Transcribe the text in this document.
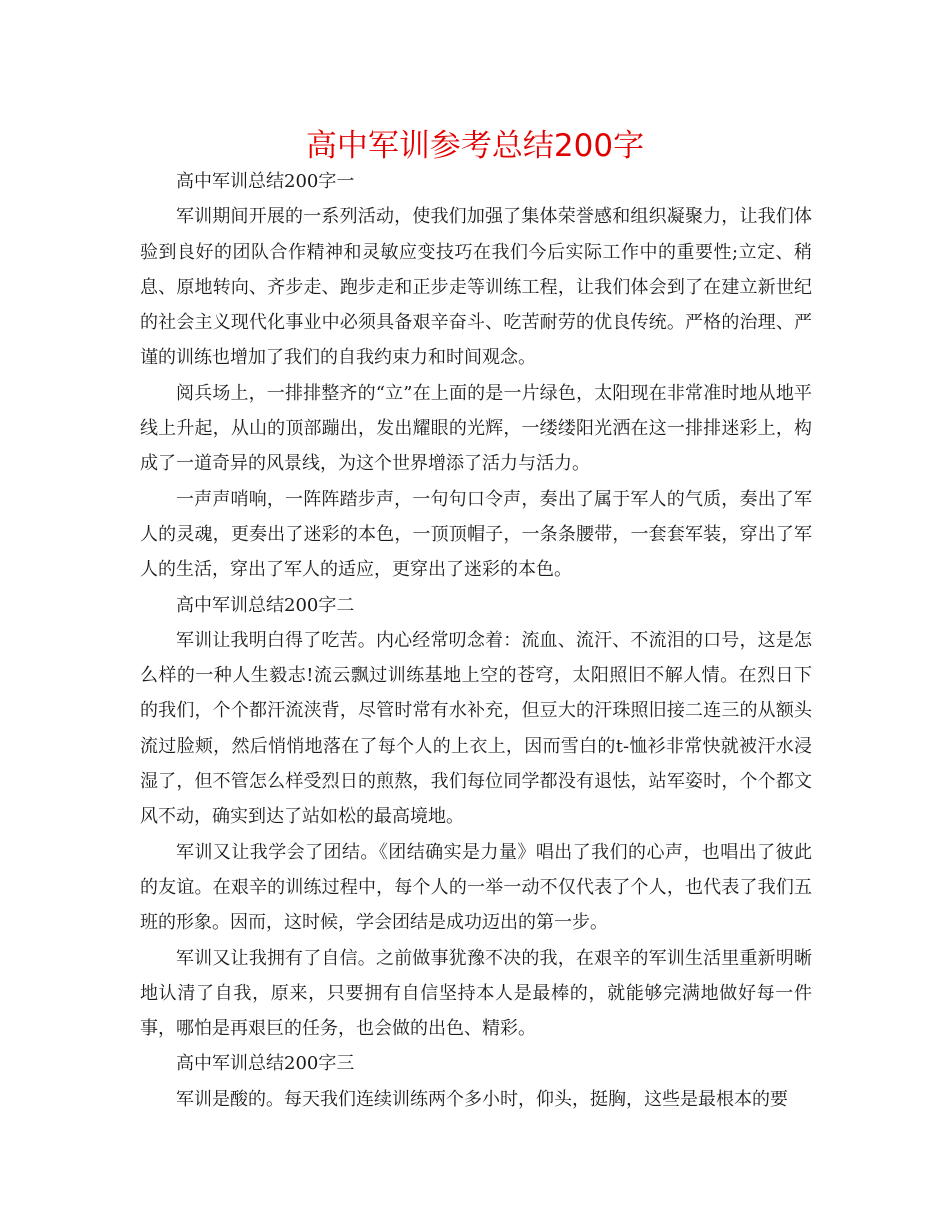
高中军训参考总结200字

高中军训总结200字一

军训期间开展的一系列活动，使我们加强了集体荣誉感和组织凝聚力，让我们体验到良好的团队合作精神和灵敏应变技巧在我们今后实际工作中的重要性;立定、稍息、原地转向、齐步走、跑步走和正步走等训练工程，让我们体会到了在建立新世纪的社会主义现代化事业中必须具备艰辛奋斗、吃苦耐劳的优良传统。严格的治理、严谨的训练也增加了我们的自我约束力和时间观念。

阅兵场上，一排排整齐的“立”在上面的是一片绿色，太阳现在非常准时地从地平线上升起，从山的顶部蹦出，发出耀眼的光辉，一缕缕阳光洒在这一排排迷彩上，构成了一道奇异的风景线，为这个世界增添了活力与活力。

一声声哨响，一阵阵踏步声，一句句口令声，奏出了属于军人的气质，奏出了军人的灵魂，更奏出了迷彩的本色，一顶顶帽子，一条条腰带，一套套军装，穿出了军人的生活，穿出了军人的适应，更穿出了迷彩的本色。

高中军训总结200字二

军训让我明白得了吃苦。内心经常叨念着：流血、流汗、不流泪的口号，这是怎么样的一种人生毅志!流云飘过训练基地上空的苍穹，太阳照旧不解人情。在烈日下的我们，个个都汗流浃背，尽管时常有水补充，但豆大的汗珠照旧接二连三的从额头流过脸颊，然后悄悄地落在了每个人的上衣上，因而雪白的t-恤衫非常快就被汗水浸湿了，但不管怎么样受烈日的煎熬，我们每位同学都没有退怯，站军姿时，个个都文风不动，确实到达了站如松的最高境地。

军训又让我学会了团结。《团结确实是力量》唱出了我们的心声，也唱出了彼此的友谊。在艰辛的训练过程中，每个人的一举一动不仅代表了个人，也代表了我们五班的形象。因而，这时候，学会团结是成功迈出的第一步。

军训又让我拥有了自信。之前做事犹豫不决的我，在艰辛的军训生活里重新明晰地认清了自我，原来，只要拥有自信坚持本人是最棒的，就能够完满地做好每一件事，哪怕是再艰巨的任务，也会做的出色、精彩。

高中军训总结200字三

军训是酸的。每天我们连续训练两个多小时，仰头，挺胸，这些是最根本的要
